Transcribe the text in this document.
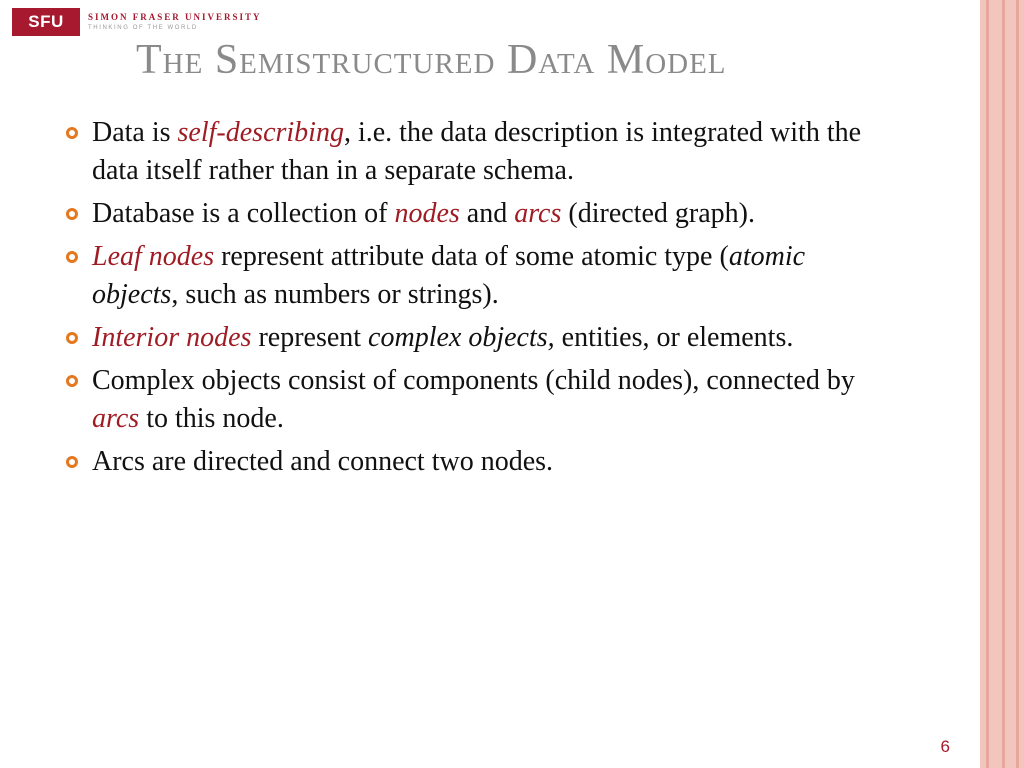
SFU	SIMON FRASER UNIVERSITY
THINKING OF THE WORLD
The Semistructured Data Model
Data is self-describing, i.e. the data description is integrated with the data itself rather than in a separate schema.
Database is a collection of nodes and arcs (directed graph).
Leaf nodes represent attribute data of some atomic type (atomic objects, such as numbers or strings).
Interior nodes represent complex objects, entities, or elements.
Complex objects consist of components (child nodes), connected by arcs to this node.
Arcs are directed and connect two nodes.
6
